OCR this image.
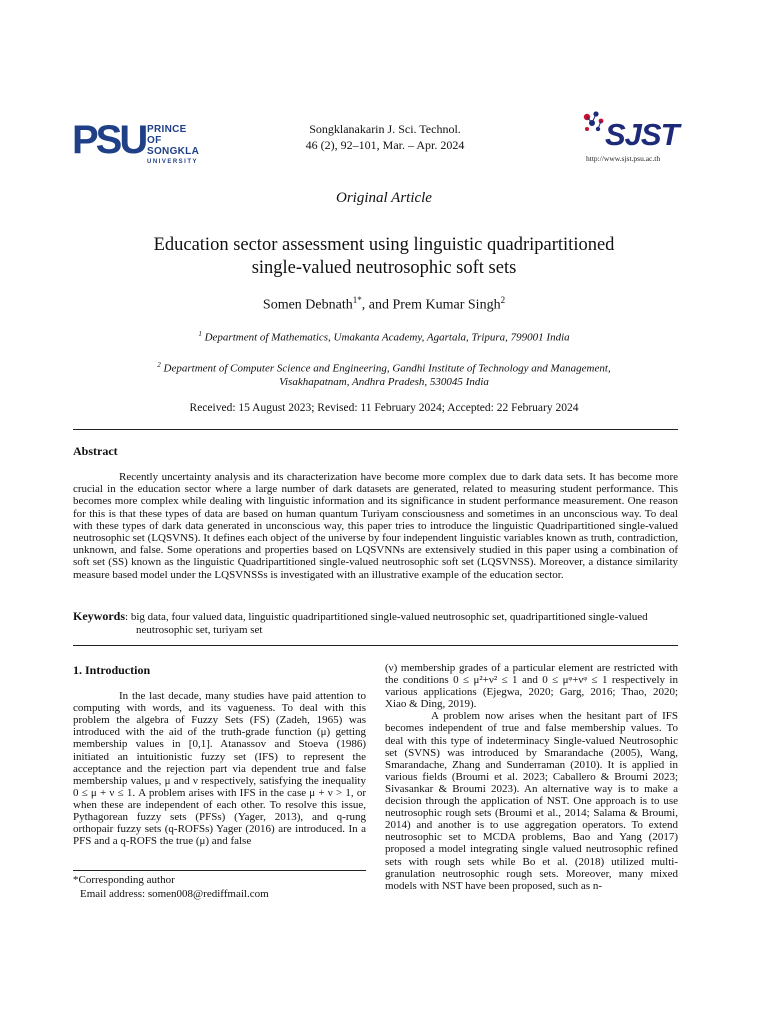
PSU PRINCE OF
SONGKLA
UNIVERSITY
Songklanakarin J. Sci. Technol.
46 (2), 92–101, Mar. – Apr. 2024	SJST
http://www.sjst.psu.ac.th
Original Article
Education sector assessment using linguistic quadripartitioned
single-valued neutrosophic soft sets
Somen Debnath$^{1*}$, and Prem Kumar Singh$^2$
$^1$ Department of Mathematics, Umakanta Academy, Agartala, Tripura, 799001 India
$^2$ Department of Computer Science and Engineering, Gandhi Institute of Technology and Management,
Visakhapatnam, Andhra Pradesh, 530045 India
Received: 15 August 2023; Revised: 11 February 2024; Accepted: 22 February 2024
Abstract

Recently uncertainty analysis and its characterization have become more complex due to dark data sets. It has become more crucial in the education sector where a large number of dark datasets are generated, related to measuring student performance. This becomes more complex while dealing with linguistic information and its significance in student performance measurement. One reason for this is that these types of data are based on human quantum Turiyam consciousness and sometimes in an unconscious way. To deal with these types of dark data generated in unconscious way, this paper tries to introduce the linguistic Quadripartitioned single-valued neutrosophic set (LQSVNS). It defines each object of the universe by four independent linguistic variables known as truth, contradiction, unknown, and false. Some operations and properties based on LQSVNNs are extensively studied in this paper using a combination of soft set (SS) known as the linguistic Quadripartitioned single-valued neutrosophic soft set (LQSVNSS). Moreover, a distance similarity measure based model under the LQSVNSSs is investigated with an illustrative example of the education sector.

Keywords: big data, four valued data, linguistic quadripartitioned single-valued neutrosophic set, quadripartitioned single-valued neutrosophic set, turiyam set
1. Introduction

In the last decade, many studies have paid attention to computing with words, and its vagueness. To deal with this problem the algebra of Fuzzy Sets (FS) (Zadeh, 1965) was introduced with the aid of the truth-grade function (μ) getting membership values in [0,1]. Atanassov and Stoeva (1986) initiated an intuitionistic fuzzy set (IFS) to represent the acceptance and the rejection part via dependent true and false membership values, μ and ν respectively, satisfying the inequality 0 ≤ μ + ν ≤ 1. A problem arises with IFS in the case μ + ν > 1, or when these are independent of each other. To resolve this issue, Pythagorean fuzzy sets (PFSs) (Yager, 2013), and q-rung orthopair fuzzy sets (q-ROFSs) Yager (2016) are introduced. In a PFS and a q-ROFS the true (μ) and false

(ν) membership grades of a particular element are restricted with the conditions 0 ≤ μ²+ν² ≤ 1 and 0 ≤ μᵠ+νᵠ ≤ 1 respectively in various applications (Ejegwa, 2020; Garg, 2016; Thao, 2020; Xiao & Ding, 2019).

A problem now arises when the hesitant part of IFS becomes independent of true and false membership values. To deal with this type of indeterminacy Single-valued Neutrosophic set (SVNS) was introduced by Smarandache (2005), Wang, Smarandache, Zhang and Sunderraman (2010). It is applied in various fields (Broumi et al. 2023; Caballero & Broumi 2023; Sivasankar & Broumi 2023). An alternative way is to make a decision through the application of NST. One approach is to use neutrosophic rough sets (Broumi et al., 2014; Salama & Broumi, 2014) and another is to use aggregation operators. To extend neutrosophic set to MCDA problems, Bao and Yang (2017) proposed a model integrating single valued neutrosophic refined sets with rough sets while Bo et al. (2018) utilized multi-granulation neutrosophic rough sets. Moreover, many mixed models with NST have been proposed, such as n-

*Corresponding author
Email address: somen008@rediffmail.com
